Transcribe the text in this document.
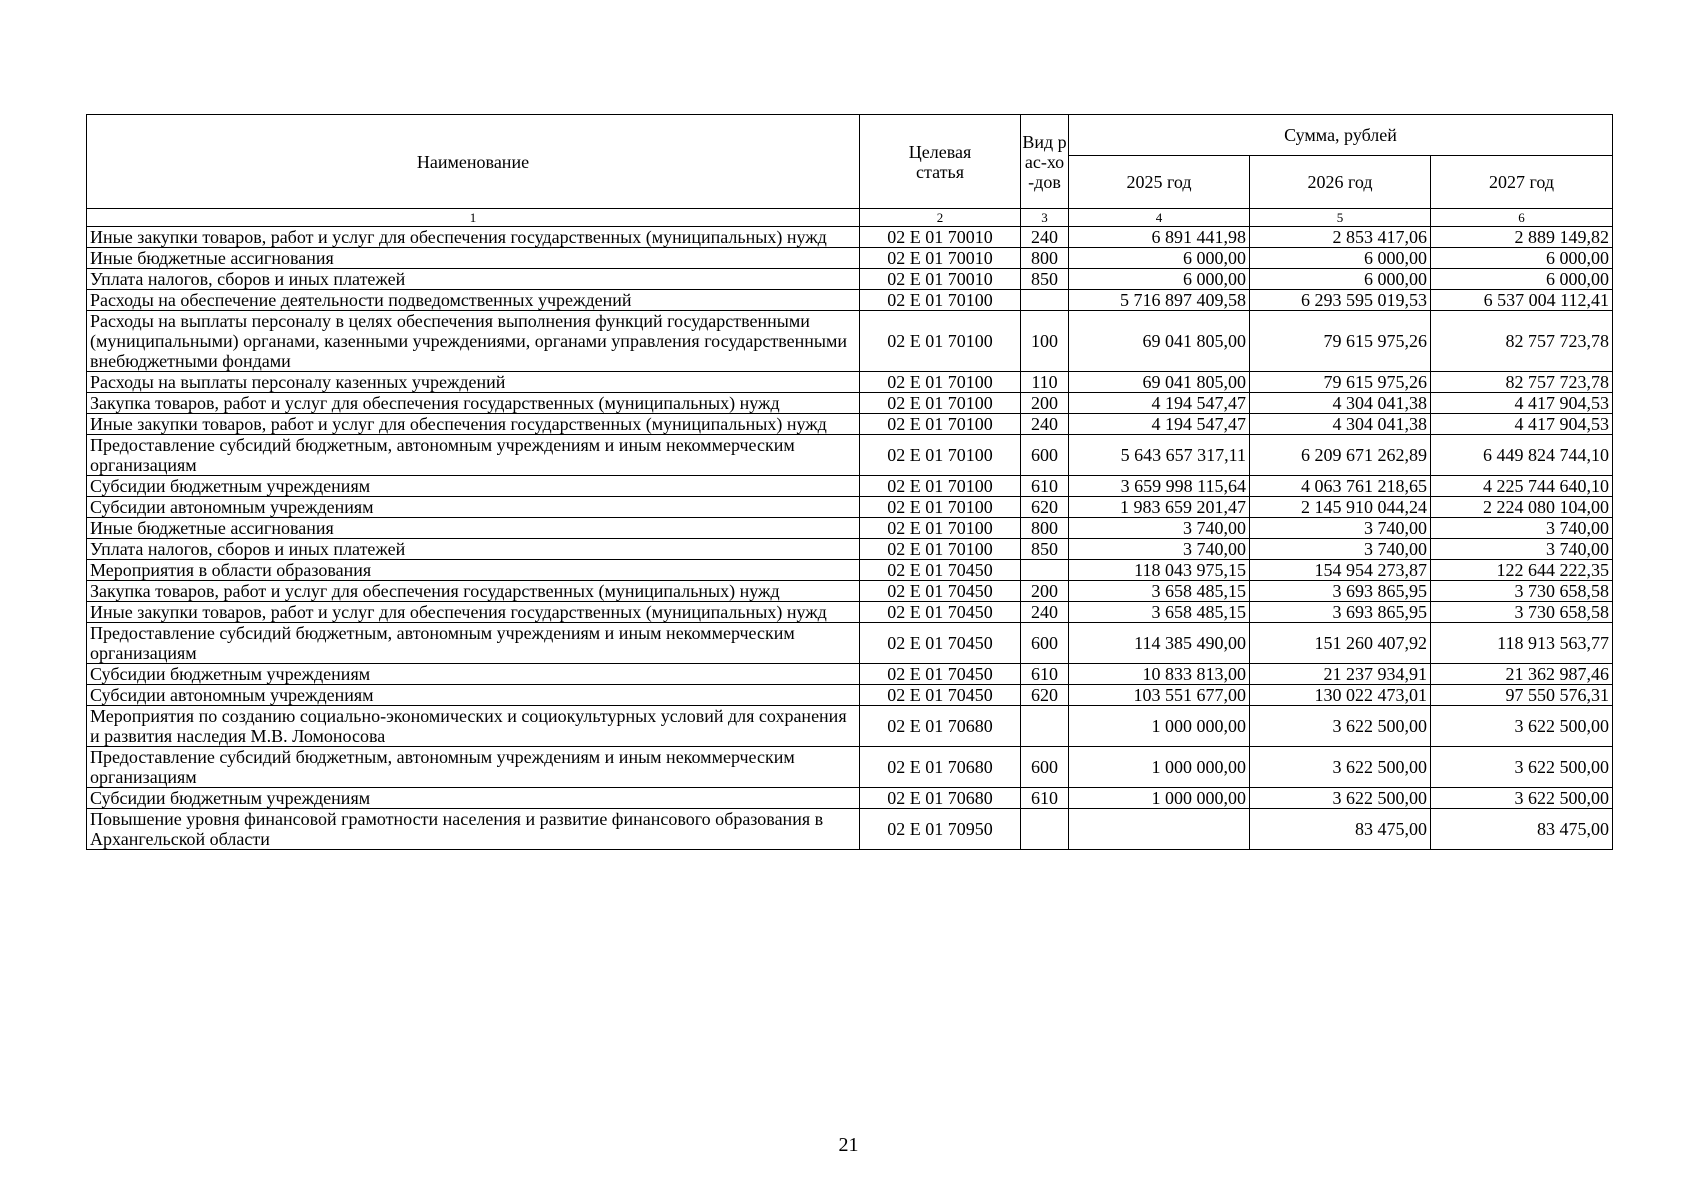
Наименование	Целевая статья	Вид рас-хо-дов	Сумма, рублей		
			2025 год	2026 год	2027 год
1	2	3	4	5	6
Иные закупки товаров, работ и услуг для обеспечения государственных (муниципальных) нужд	02 E 01 70010	240	6 891 441,98	2 853 417,06	2 889 149,82
Иные бюджетные ассигнования	02 E 01 70010	800	6 000,00	6 000,00	6 000,00
Уплата налогов, сборов и иных платежей	02 E 01 70010	850	6 000,00	6 000,00	6 000,00
Расходы на обеспечение деятельности подведомственных учреждений	02 E 01 70100		5 716 897 409,58	6 293 595 019,53	6 537 004 112,41
Расходы на выплаты персоналу в целях обеспечения выполнения функций государственными (муниципальными) органами, казенными учреждениями, органами управления государственными внебюджетными фондами	02 E 01 70100	100	69 041 805,00	79 615 975,26	82 757 723,78
Расходы на выплаты персоналу казенных учреждений	02 E 01 70100	110	69 041 805,00	79 615 975,26	82 757 723,78
Закупка товаров, работ и услуг для обеспечения государственных (муниципальных) нужд	02 E 01 70100	200	4 194 547,47	4 304 041,38	4 417 904,53
Иные закупки товаров, работ и услуг для обеспечения государственных (муниципальных) нужд	02 E 01 70100	240	4 194 547,47	4 304 041,38	4 417 904,53
Предоставление субсидий бюджетным, автономным учреждениям и иным некоммерческим организациям	02 E 01 70100	600	5 643 657 317,11	6 209 671 262,89	6 449 824 744,10
Субсидии бюджетным учреждениям	02 E 01 70100	610	3 659 998 115,64	4 063 761 218,65	4 225 744 640,10
Субсидии автономным учреждениям	02 E 01 70100	620	1 983 659 201,47	2 145 910 044,24	2 224 080 104,00
Иные бюджетные ассигнования	02 E 01 70100	800	3 740,00	3 740,00	3 740,00
Уплата налогов, сборов и иных платежей	02 E 01 70100	850	3 740,00	3 740,00	3 740,00
Мероприятия в области образования	02 E 01 70450		118 043 975,15	154 954 273,87	122 644 222,35
Закупка товаров, работ и услуг для обеспечения государственных (муниципальных) нужд	02 E 01 70450	200	3 658 485,15	3 693 865,95	3 730 658,58
Иные закупки товаров, работ и услуг для обеспечения государственных (муниципальных) нужд	02 E 01 70450	240	3 658 485,15	3 693 865,95	3 730 658,58
Предоставление субсидий бюджетным, автономным учреждениям и иным некоммерческим организациям	02 E 01 70450	600	114 385 490,00	151 260 407,92	118 913 563,77
Субсидии бюджетным учреждениям	02 E 01 70450	610	10 833 813,00	21 237 934,91	21 362 987,46
Субсидии автономным учреждениям	02 E 01 70450	620	103 551 677,00	130 022 473,01	97 550 576,31
Мероприятия по созданию социально-экономических и социокультурных условий для сохранения и развития наследия М.В. Ломоносова	02 E 01 70680		1 000 000,00	3 622 500,00	3 622 500,00
Предоставление субсидий бюджетным, автономным учреждениям и иным некоммерческим организациям	02 E 01 70680	600	1 000 000,00	3 622 500,00	3 622 500,00
Субсидии бюджетным учреждениям	02 E 01 70680	610	1 000 000,00	3 622 500,00	3 622 500,00
Повышение уровня финансовой грамотности населения и развитие финансового образования в Архангельской области	02 E 01 70950			83 475,00	83 475,00
21
